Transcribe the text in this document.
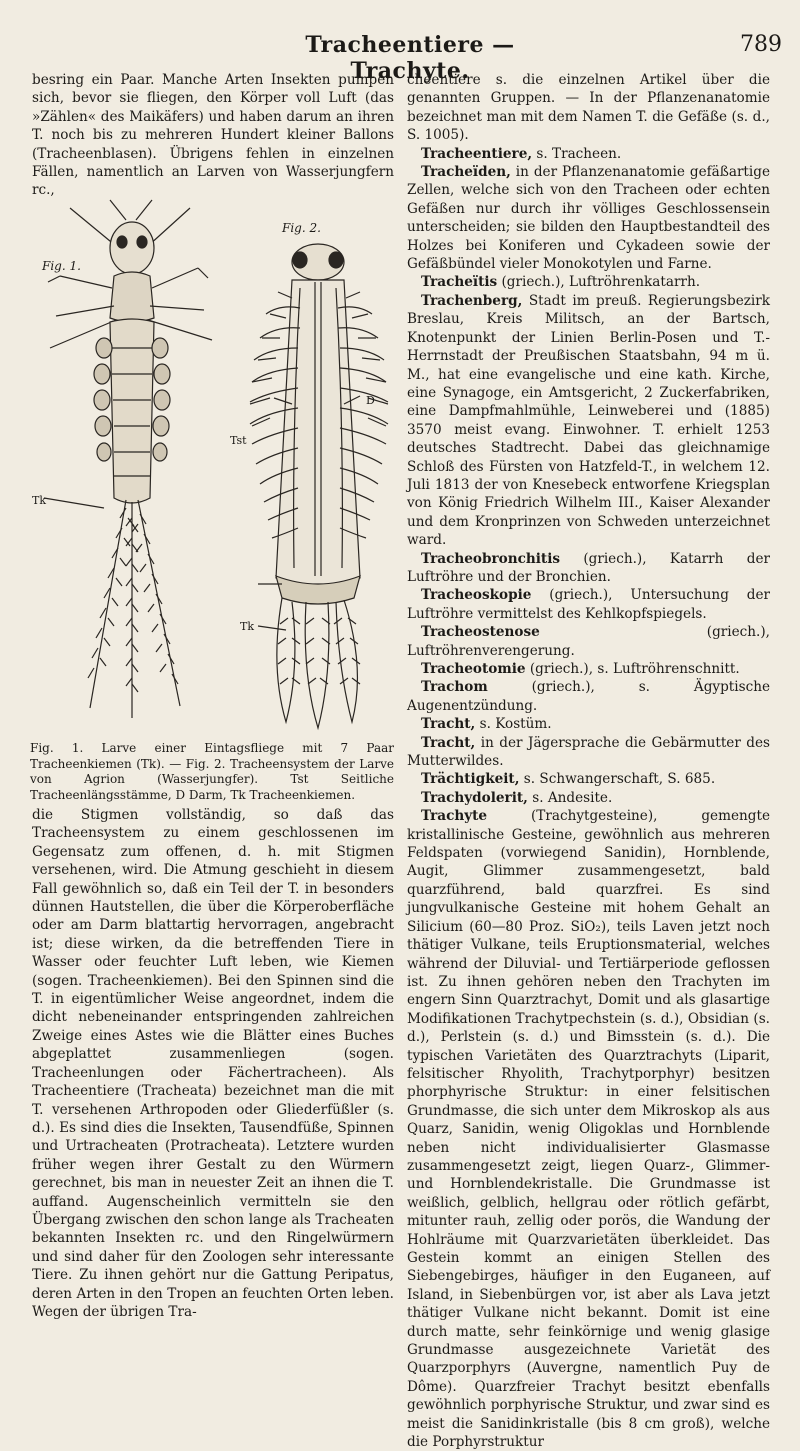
Tracheentiere — Trachyte.
789

besring ein Paar. Manche Arten Insekten pumpen sich, bevor sie fliegen, den Körper voll Luft (das »Zählen« des Maikäfers) und haben darum an ihren T. noch bis zu mehreren Hundert kleiner Ballons (Tracheenblasen). Übrigens fehlen in einzelnen Fällen, namentlich an Larven von Wasserjungfern rc.,

Fig. 1.
Fig. 2.
Tk
Tst
D
Tk
Fig. 1. Larve einer Eintagsfliege mit 7 Paar Tracheenkiemen (Tk). — Fig. 2. Tracheensystem der Larve von Agrion (Wasserjungfer). Tst Seitliche Tracheenlängsstämme, D Darm, Tk Tracheenkiemen.

die Stigmen vollständig, so daß das Tracheensystem zu einem geschlossenen im Gegensatz zum offenen, d. h. mit Stigmen versehenen, wird. Die Atmung geschieht in diesem Fall gewöhnlich so, daß ein Teil der T. in besonders dünnen Hautstellen, die über die Körperoberfläche oder am Darm blattartig hervorragen, angebracht ist; diese wirken, da die betreffenden Tiere in Wasser oder feuchter Luft leben, wie Kiemen (sogen. Tracheenkiemen). Bei den Spinnen sind die T. in eigentümlicher Weise angeordnet, indem die dicht nebeneinander entspringenden zahlreichen Zweige eines Astes wie die Blätter eines Buches abgeplattet zusammenliegen (sogen. Tracheenlungen oder Fächertracheen). Als Tracheentiere (Tracheata) bezeichnet man die mit T. versehenen Arthropoden oder Gliederfüßler (s. d.). Es sind dies die Insekten, Tausendfüße, Spinnen und Urtracheaten (Protracheata). Letztere wurden früher wegen ihrer Gestalt zu den Würmern gerechnet, bis man in neuester Zeit an ihnen die T. auffand. Augenscheinlich vermitteln sie den Übergang zwischen den schon lange als Tracheaten bekannten Insekten rc. und den Ringelwürmern und sind daher für den Zoologen sehr interessante Tiere. Zu ihnen gehört nur die Gattung Peripatus, deren Arten in den Tropen an feuchten Orten leben. Wegen der übrigen Tra-

cheentiere s. die einzelnen Artikel über die genannten Gruppen. — In der Pflanzenanatomie bezeichnet man mit dem Namen T. die Gefäße (s. d., S. 1005).

Tracheentiere, s. Tracheen.

Tracheïden, in der Pflanzenanatomie gefäßartige Zellen, welche sich von den Tracheen oder echten Gefäßen nur durch ihr völliges Geschlossensein unterscheiden; sie bilden den Hauptbestandteil des Holzes bei Koniferen und Cykadeen sowie der Gefäßbündel vieler Monokotylen und Farne.

Tracheïtis (griech.), Luftröhrenkatarrh.

Trachenberg, Stadt im preuß. Regierungsbezirk Breslau, Kreis Militsch, an der Bartsch, Knotenpunkt der Linien Berlin-Posen und T.-Herrnstadt der Preußischen Staatsbahn, 94 m ü. M., hat eine evangelische und eine kath. Kirche, eine Synagoge, ein Amtsgericht, 2 Zuckerfabriken, eine Dampfmahlmühle, Leinweberei und (1885) 3570 meist evang. Einwohner. T. erhielt 1253 deutsches Stadtrecht. Dabei das gleichnamige Schloß des Fürsten von Hatzfeld-T., in welchem 12. Juli 1813 der von Knesebeck entworfene Kriegsplan von König Friedrich Wilhelm III., Kaiser Alexander und dem Kronprinzen von Schweden unterzeichnet ward.

Tracheobronchitis (griech.), Katarrh der Luftröhre und der Bronchien.

Tracheoskopie (griech.), Untersuchung der Luftröhre vermittelst des Kehlkopfspiegels.

Tracheostenose (griech.), Luftröhrenverengerung.

Tracheotomie (griech.), s. Luftröhrenschnitt.

Trachom (griech.), s. Ägyptische Augenentzündung.

Tracht, s. Kostüm.

Tracht, in der Jägersprache die Gebärmutter des Mutterwildes.

Trächtigkeit, s. Schwangerschaft, S. 685.

Trachydolerit, s. Andesite.

Trachyte (Trachytgesteine), gemengte kristallinische Gesteine, gewöhnlich aus mehreren Feldspaten (vorwiegend Sanidin), Hornblende, Augit, Glimmer zusammengesetzt, bald quarzführend, bald quarzfrei. Es sind jungvulkanische Gesteine mit hohem Gehalt an Silicium (60—80 Proz. SiO₂), teils Laven jetzt noch thätiger Vulkane, teils Eruptionsmaterial, welches während der Diluvial- und Tertiärperiode geflossen ist. Zu ihnen gehören neben den Trachyten im engern Sinn Quarztrachyt, Domit und als glasartige Modifikationen Trachytpechstein (s. d.), Obsidian (s. d.), Perlstein (s. d.) und Bimsstein (s. d.). Die typischen Varietäten des Quarztrachyts (Liparit, felsitischer Rhyolith, Trachytporphyr) besitzen phorphyrische Struktur: in einer felsitischen Grundmasse, die sich unter dem Mikroskop als aus Quarz, Sanidin, wenig Oligoklas und Hornblende neben nicht individualisierter Glasmasse zusammengesetzt zeigt, liegen Quarz-, Glimmer- und Hornblendekristalle. Die Grundmasse ist weißlich, gelblich, hellgrau oder rötlich gefärbt, mitunter rauh, zellig oder porös, die Wandung der Hohlräume mit Quarzvarietäten überkleidet. Das Gestein kommt an einigen Stellen des Siebengebirges, häufiger in den Euganeen, auf Island, in Siebenbürgen vor, ist aber als Lava jetzt thätiger Vulkane nicht bekannt. Domit ist eine durch matte, sehr feinkörnige und wenig glasige Grundmasse ausgezeichnete Varietät des Quarzporphyrs (Auvergne, namentlich Puy de Dôme). Quarzfreier Trachyt besitzt ebenfalls gewöhnlich porphyrische Struktur, und zwar sind es meist die Sanidinkristalle (bis 8 cm groß), welche die Porphyrstruktur
